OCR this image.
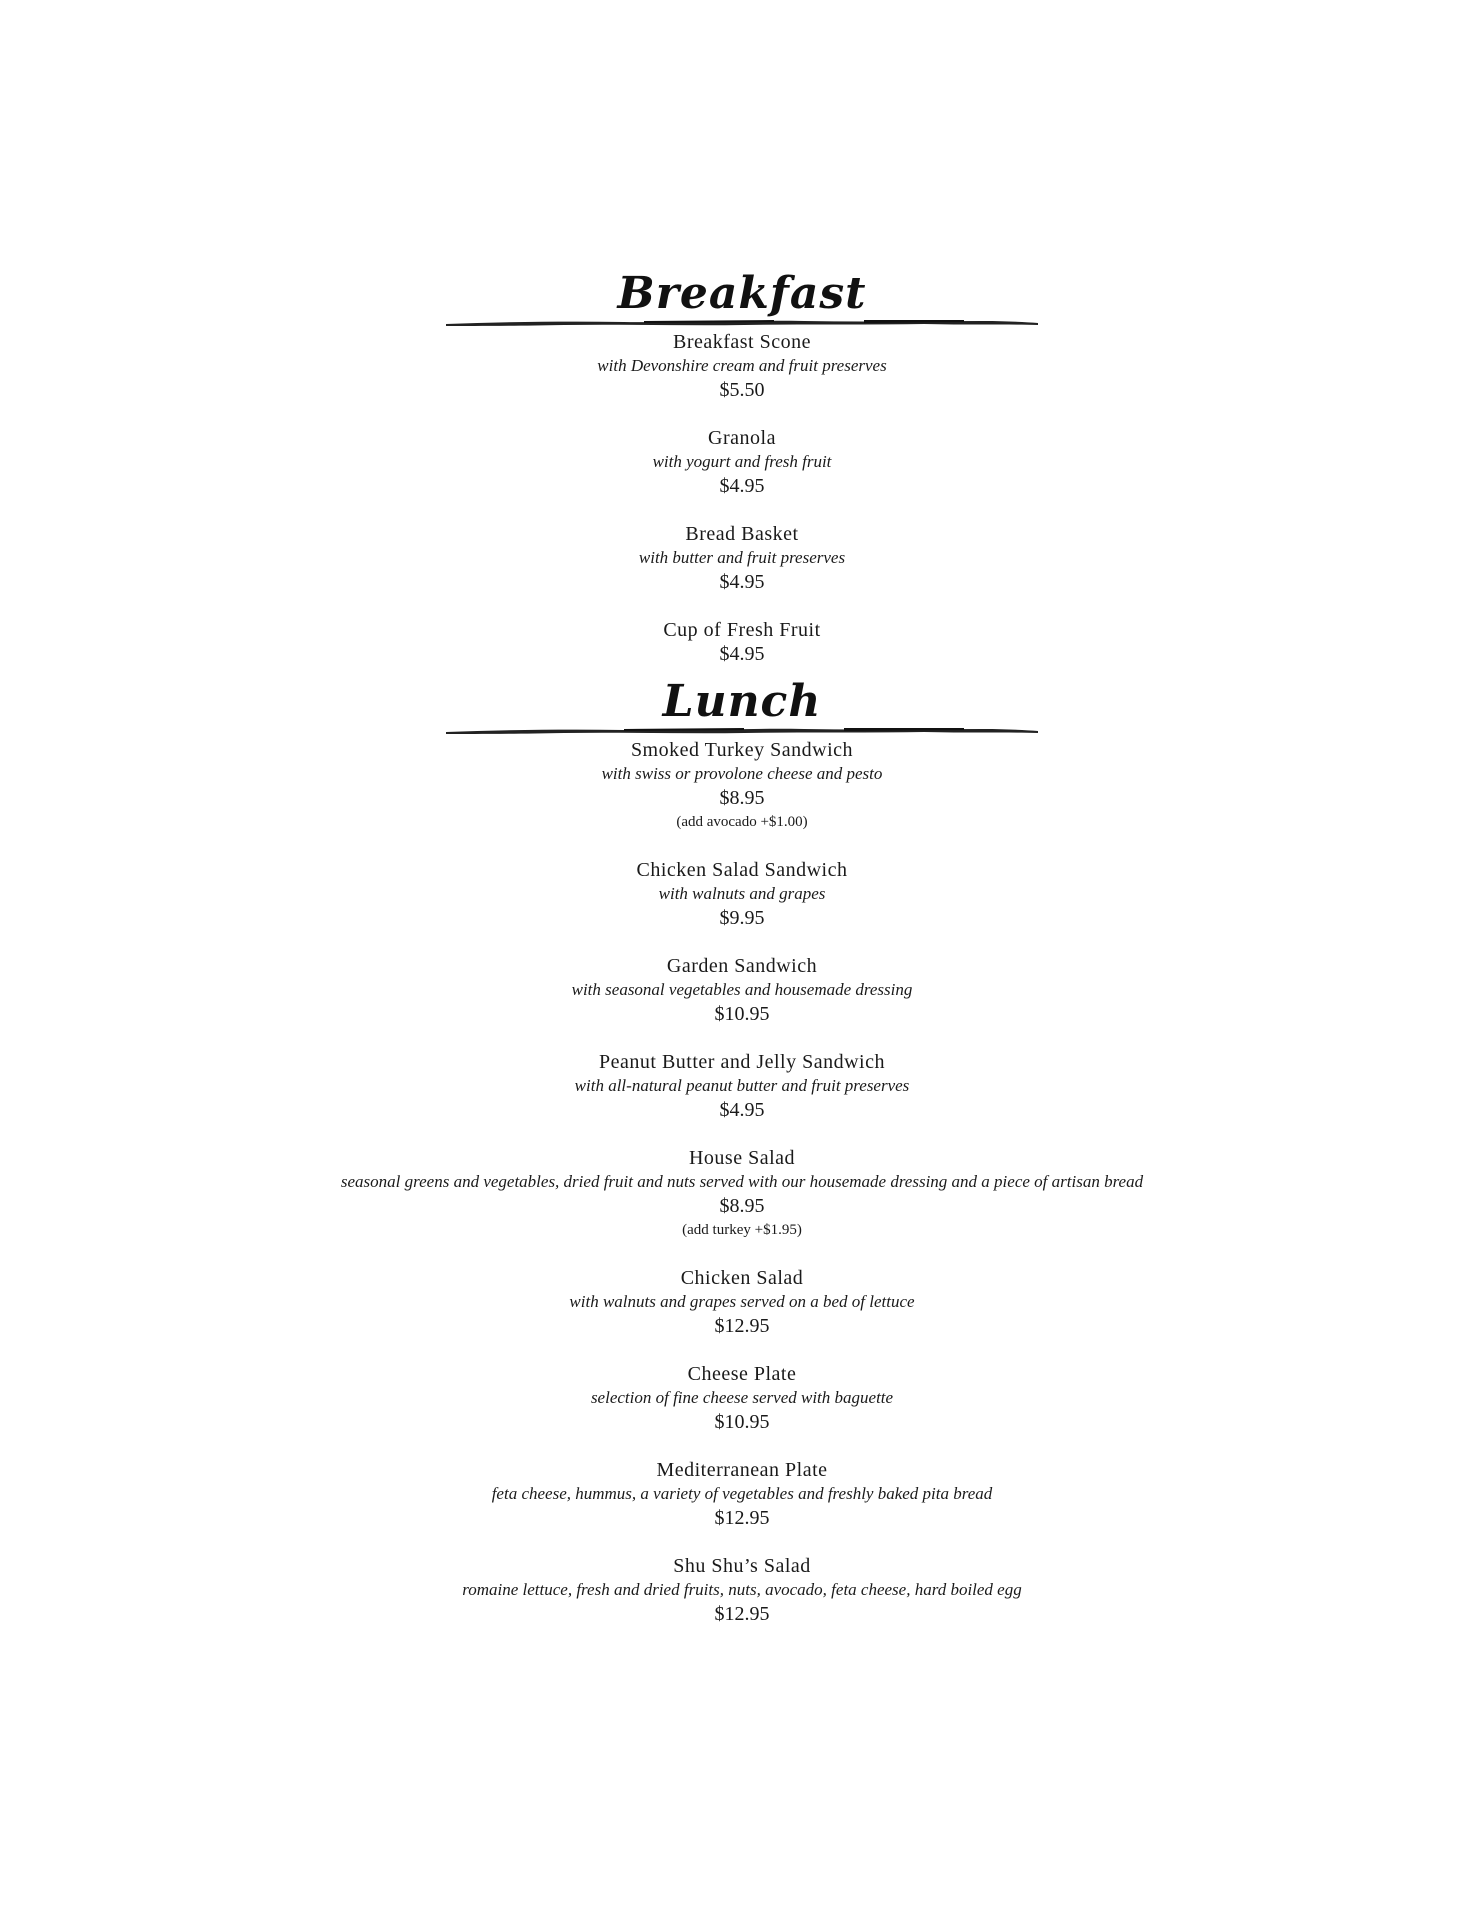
Breakfast
Breakfast Scone
with Devonshire cream and fruit preserves
$5.50
Granola
with yogurt and fresh fruit
$4.95
Bread Basket
with butter and fruit preserves
$4.95
Cup of Fresh Fruit
$4.95
Lunch
Smoked Turkey Sandwich
with swiss or provolone cheese and pesto
$8.95
(add avocado +$1.00)
Chicken Salad Sandwich
with walnuts and grapes
$9.95
Garden Sandwich
with seasonal vegetables and housemade dressing
$10.95
Peanut Butter and Jelly Sandwich
with all-natural peanut butter and fruit preserves
$4.95
House Salad
seasonal greens and vegetables, dried fruit and nuts served with our housemade dressing and a piece of artisan bread
$8.95
(add turkey +$1.95)
Chicken Salad
with walnuts and grapes served on a bed of lettuce
$12.95
Cheese Plate
selection of fine cheese served with baguette
$10.95
Mediterranean Plate
feta cheese, hummus, a variety of vegetables and freshly baked pita bread
$12.95
Shu Shu’s Salad
romaine lettuce, fresh and dried fruits, nuts, avocado, feta cheese, hard boiled egg
$12.95
